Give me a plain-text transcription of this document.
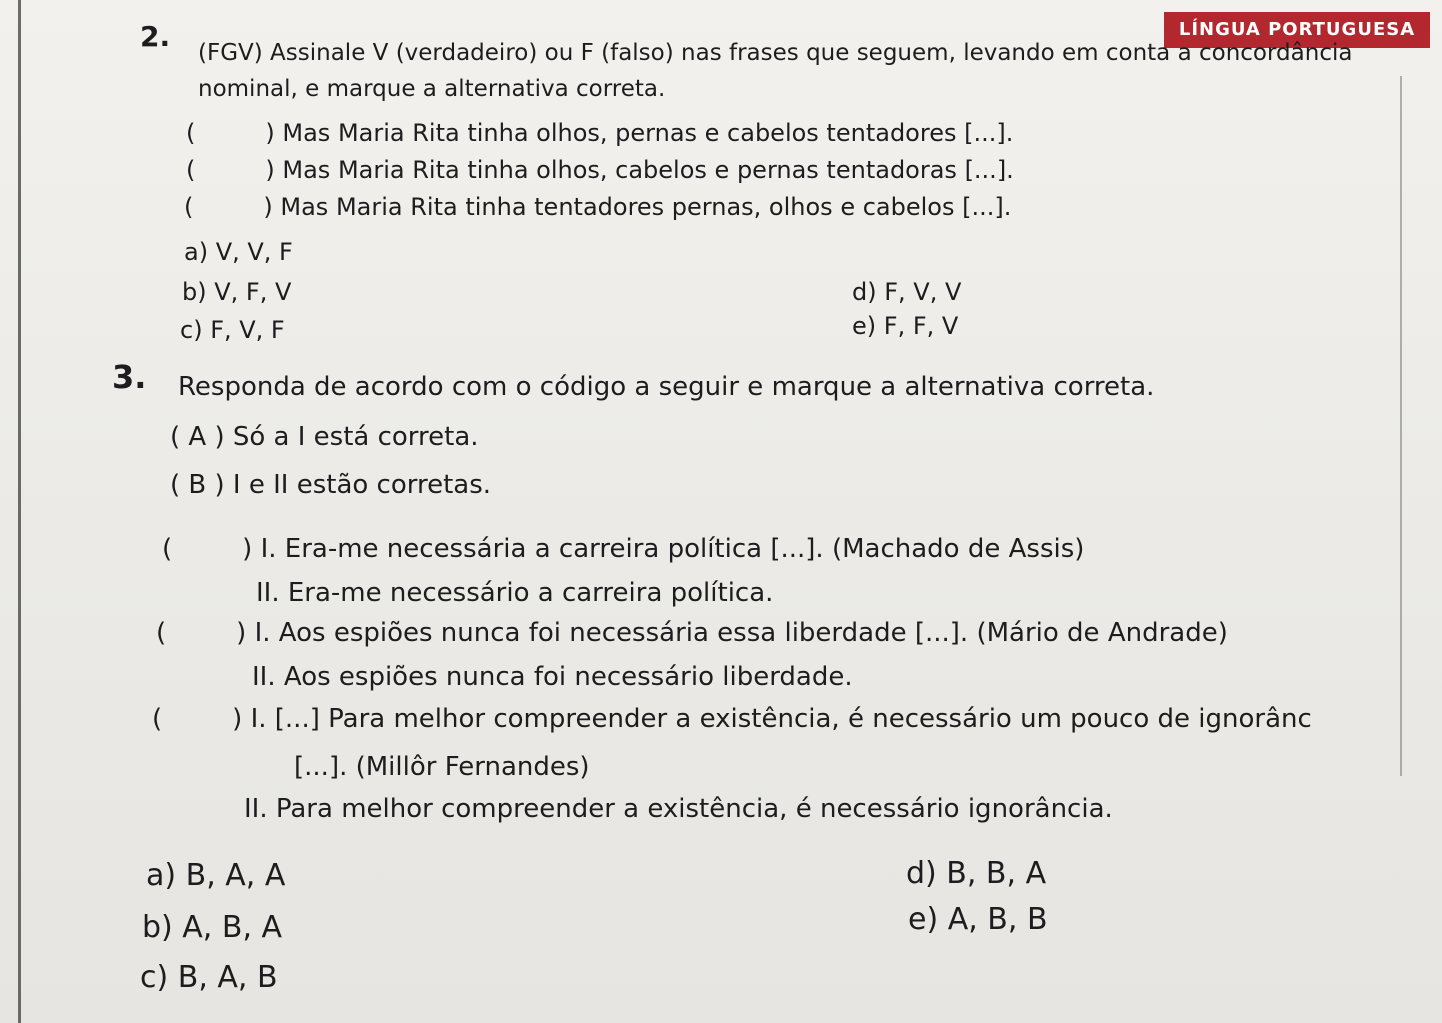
LÍNGUA PORTUGUESA
2. (FGV) Assinale V (verdadeiro) ou F (falso) nas frases que seguem, levando em conta a concordância
nominal, e marque a alternativa correta.
(	) Mas Maria Rita tinha olhos, pernas e cabelos tentadores [...].
(	) Mas Maria Rita tinha olhos, cabelos e pernas tentadoras [...].
(	) Mas Maria Rita tinha tentadores pernas, olhos e cabelos [...].
a) V, V, F
b) V, F, V
c) F, V, F
d) F, V, V
e) F, F, V
3. Responda de acordo com o código a seguir e marque a alternativa correta.
( A ) Só a I está correta.
( B ) I e II estão corretas.
(	) I. Era-me necessária a carreira política [...]. (Machado de Assis)
II. Era-me necessário a carreira política.
(	) I. Aos espiões nunca foi necessária essa liberdade [...]. (Mário de Andrade)
II. Aos espiões nunca foi necessário liberdade.
(	) I. [...] Para melhor compreender a existência, é necessário um pouco de ignorânc
[...]. (Millôr Fernandes)
II. Para melhor compreender a existência, é necessário ignorância.
a) B, A, A
b) A, B, A
c) B, A, B
d) B, B, A
e) A, B, B
